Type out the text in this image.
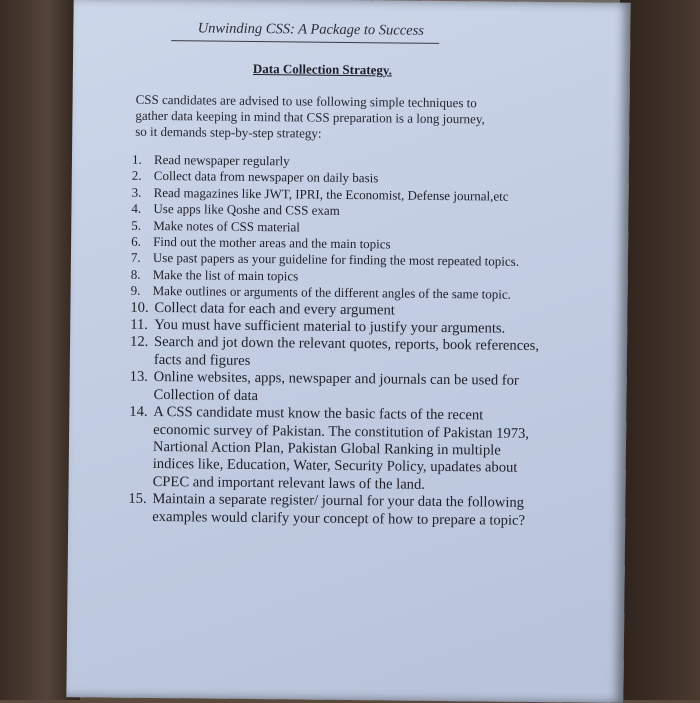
Unwinding CSS: A Package to Success
Data Collection Strategy.
CSS candidates are advised to use following simple techniques to gather data keeping in mind that CSS preparation is a long journey, so it demands step-by-step strategy:
1. Read newspaper regularly
2. Collect data from newspaper on daily basis
3. Read magazines like JWT, IPRI, the Economist, Defense journal,etc
4. Use apps like Qoshe and CSS exam
5. Make notes of CSS material
6. Find out the mother areas and the main topics
7. Use past papers as your guideline for finding the most repeated topics.
8. Make the list of main topics
9. Make outlines or arguments of the different angles of the same topic.
10. Collect data for each and every argument
11. You must have sufficient material to justify your arguments.
12. Search and jot down the relevant quotes, reports, book references, facts and figures
13. Online websites, apps, newspaper and journals can be used for Collection of data
14. A CSS candidate must know the basic facts of the recent economic survey of Pakistan. The constitution of Pakistan 1973, Nartional Action Plan, Pakistan Global Ranking in multiple indices like, Education, Water, Security Policy, upadates about CPEC and important relevant laws of the land.
15. Maintain a separate register/ journal for your data the following examples would clarify your concept of how to prepare a topic?
